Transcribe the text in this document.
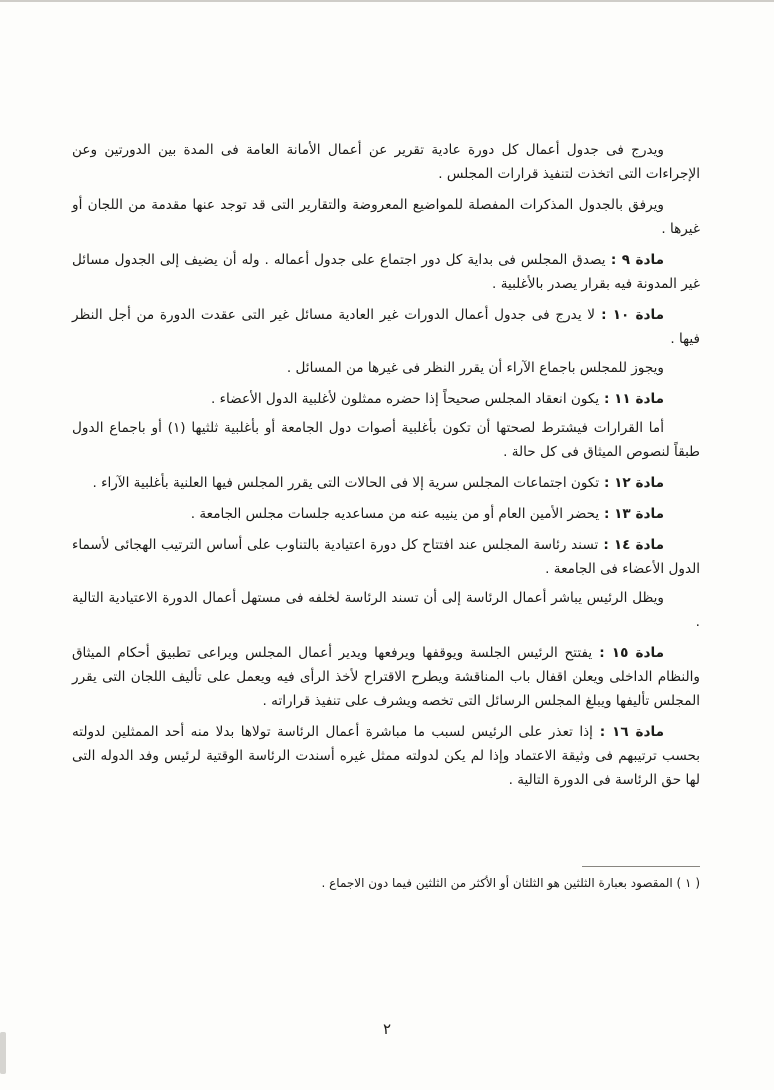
ويدرج فى جدول أعمال كل دورة عادية تقرير عن أعمال الأمانة العامة فى المدة بين الدورتين وعن الإجراءات التى اتخذت لتنفيذ قرارات المجلس .

ويرفق بالجدول المذكرات المفصلة للمواضيع المعروضة والتقارير التى قد توجد عنها مقدمة من اللجان أو غيرها .

مادة ٩ : يصدق المجلس فى بداية كل دور اجتماع على جدول أعماله . وله أن يضيف إلى الجدول مسائل غير المدونة فيه بقرار يصدر بالأغلبية .

مادة ١٠ : لا يدرج فى جدول أعمال الدورات غير العادية مسائل غير التى عقدت الدورة من أجل النظر فيها .

ويجوز للمجلس باجماع الآراء أن يقرر النظر فى غيرها من المسائل .

مادة ١١ : يكون انعقاد المجلس صحيحاً إذا حضره ممثلون لأغلبية الدول الأعضاء .

أما القرارات فيشترط لصحتها أن تكون بأغلبية أصوات دول الجامعة أو بأغلبية ثلثيها (١) أو باجماع الدول طبقاً لنصوص الميثاق فى كل حالة .

مادة ١٢ : تكون اجتماعات المجلس سرية إلا فى الحالات التى يقرر المجلس فيها العلنية بأغلبية الآراء .

مادة ١٣ : يحضر الأمين العام أو من ينيبه عنه من مساعديه جلسات مجلس الجامعة .

مادة ١٤ : تسند رئاسة المجلس عند افتتاح كل دورة اعتيادية بالتناوب على أساس الترتيب الهجائى لأسماء الدول الأعضاء فى الجامعة .

ويظل الرئيس يباشر أعمال الرئاسة إلى أن تسند الرئاسة لخلفه فى مستهل أعمال الدورة الاعتيادية التالية .

مادة ١٥ : يفتتح الرئيس الجلسة ويوقفها ويرفعها ويدير أعمال المجلس ويراعى تطبيق أحكام الميثاق والنظام الداخلى ويعلن اقفال باب المناقشة ويطرح الاقتراح لأخذ الرأى فيه ويعمل على تأليف اللجان التى يقرر المجلس تأليفها ويبلغ المجلس الرسائل التى تخصه ويشرف على تنفيذ قراراته .

مادة ١٦ : إذا تعذر على الرئيس لسبب ما مباشرة أعمال الرئاسة تولاها بدلا منه أحد الممثلين لدولته بحسب ترتيبهم فى وثيقة الاعتماد وإذا لم يكن لدولته ممثل غيره أسندت الرئاسة الوقتية لرئيس وفد الدوله التى لها حق الرئاسة فى الدورة التالية .

( ١ ) المقصود بعبارة الثلثين هو الثلثان أو الأكثر من الثلثين فيما دون الاجماع .

٢
